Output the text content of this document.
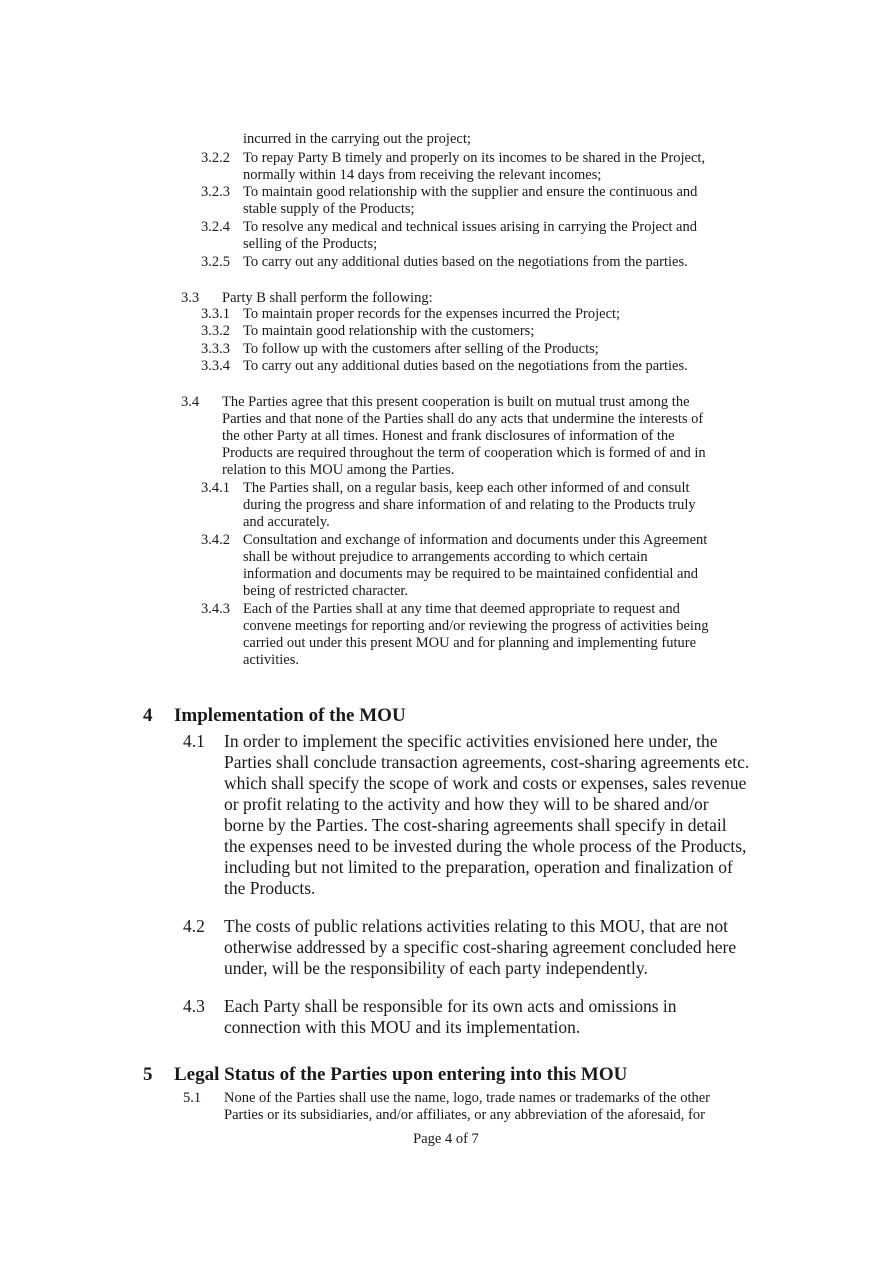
incurred in the carrying out the project;
3.2.2 To repay Party B timely and properly on its incomes to be shared in the Project,
normally within 14 days from receiving the relevant incomes;
3.2.3 To maintain good relationship with the supplier and ensure the continuous and
stable supply of the Products;
3.2.4 To resolve any medical and technical issues arising in carrying the Project and
selling of the Products;
3.2.5 To carry out any additional duties based on the negotiations from the parties.
3.3 Party B shall perform the following:
3.3.1 To maintain proper records for the expenses incurred the Project;
3.3.2 To maintain good relationship with the customers;
3.3.3 To follow up with the customers after selling of the Products;
3.3.4 To carry out any additional duties based on the negotiations from the parties.
3.4 The Parties agree that this present cooperation is built on mutual trust among the
Parties and that none of the Parties shall do any acts that undermine the interests of
the other Party at all times. Honest and frank disclosures of information of the
Products are required throughout the term of cooperation which is formed of and in
relation to this MOU among the Parties.
3.4.1 The Parties shall, on a regular basis, keep each other informed of and consult
during the progress and share information of and relating to the Products truly
and accurately.
3.4.2 Consultation and exchange of information and documents under this Agreement
shall be without prejudice to arrangements according to which certain
information and documents may be required to be maintained confidential and
being of restricted character.
3.4.3 Each of the Parties shall at any time that deemed appropriate to request and
convene meetings for reporting and/or reviewing the progress of activities being
carried out under this present MOU and for planning and implementing future
activities.
4 Implementation of the MOU
4.1 In order to implement the specific activities envisioned here under, the
Parties shall conclude transaction agreements, cost-sharing agreements etc.
which shall specify the scope of work and costs or expenses, sales revenue
or profit relating to the activity and how they will to be shared and/or
borne by the Parties. The cost-sharing agreements shall specify in detail
the expenses need to be invested during the whole process of the Products,
including but not limited to the preparation, operation and finalization of
the Products.
4.2 The costs of public relations activities relating to this MOU, that are not
otherwise addressed by a specific cost-sharing agreement concluded here
under, will be the responsibility of each party independently.
4.3 Each Party shall be responsible for its own acts and omissions in
connection with this MOU and its implementation.
5 Legal Status of the Parties upon entering into this MOU
5.1 None of the Parties shall use the name, logo, trade names or trademarks of the other
Parties or its subsidiaries, and/or affiliates, or any abbreviation of the aforesaid, for
Page 4 of 7
